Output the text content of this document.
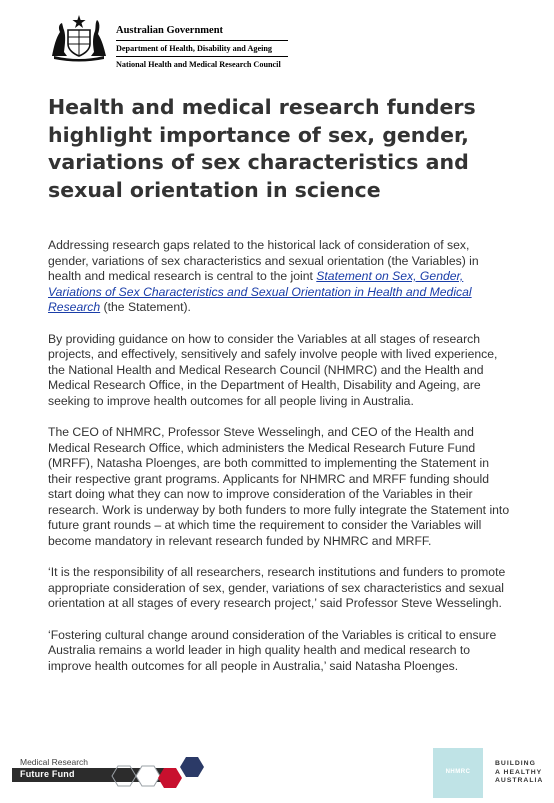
Australian Government
Department of Health, Disability and Ageing
National Health and Medical Research Council
Health and medical research funders highlight importance of sex, gender, variations of sex characteristics and sexual orientation in science

Addressing research gaps related to the historical lack of consideration of sex, gender, variations of sex characteristics and sexual orientation (the Variables) in health and medical research is central to the joint Statement on Sex, Gender, Variations of Sex Characteristics and Sexual Orientation in Health and Medical Research (the Statement).

By providing guidance on how to consider the Variables at all stages of research projects, and effectively, sensitively and safely involve people with lived experience, the National Health and Medical Research Council (NHMRC) and the Health and Medical Research Office, in the Department of Health, Disability and Ageing, are seeking to improve health outcomes for all people living in Australia.

The CEO of NHMRC, Professor Steve Wesselingh, and CEO of the Health and Medical Research Office, which administers the Medical Research Future Fund (MRFF), Natasha Ploenges, are both committed to implementing the Statement in their respective grant programs. Applicants for NHMRC and MRFF funding should start doing what they can now to improve consideration of the Variables in their research. Work is underway by both funders to more fully integrate the Statement into future grant rounds – at which time the requirement to consider the Variables will become mandatory in relevant research funded by NHMRC and MRFF.

‘It is the responsibility of all researchers, research institutions and funders to promote appropriate consideration of sex, gender, variations of sex characteristics and sexual orientation at all stages of every research project,’ said Professor Steve Wesselingh.

‘Fostering cultural change around consideration of the Variables is critical to ensure Australia remains a world leader in high quality health and medical research to improve health outcomes for all people in Australia,’ said Natasha Ploenges.

Medical Research
Future Fund	NHMRC
BUILDING
A HEALTHY
AUSTRALIA
